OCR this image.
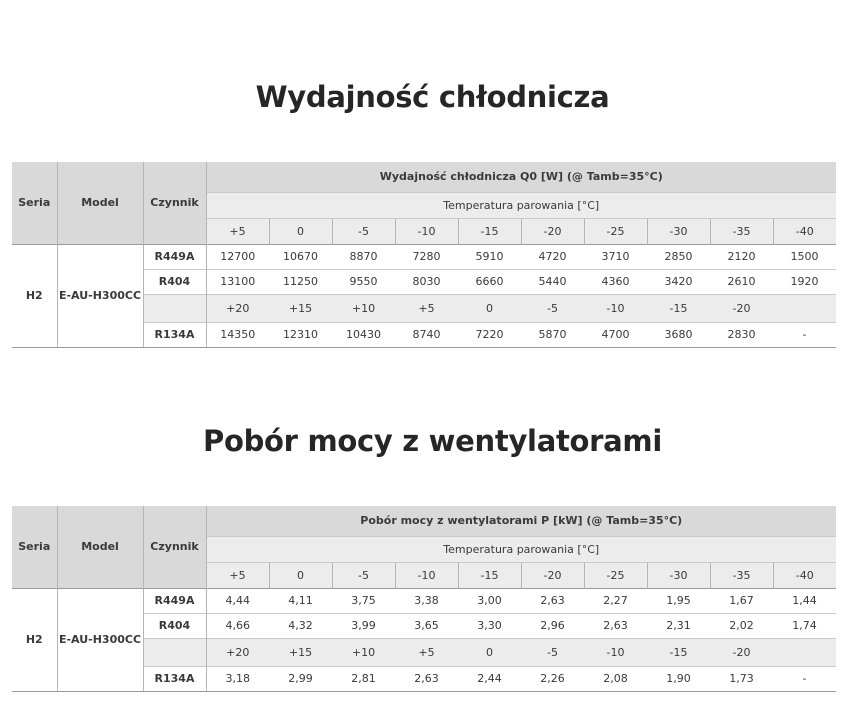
Wydajność chłodnicza
Seria	Model	Czynnik	Wydajność chłodnicza Q0 [W] (@ Tamb=35°C)									
			Temperatura parowania [°C]									
			+5	0	-5	-10	-15	-20	-25	-30	-35	-40
H2	E-AU-H300CC	R449A	12700	10670	8870	7280	5910	4720	3710	2850	2120	1500
		R404	13100	11250	9550	8030	6660	5440	4360	3420	2610	1920
			+20	+15	+10	+5	0	-5	-10	-15	-20	
		R134A	14350	12310	10430	8740	7220	5870	4700	3680	2830	-
Pobór mocy z wentylatorami
Seria	Model	Czynnik	Pobór mocy z wentylatorami P [kW] (@ Tamb=35°C)									
			Temperatura parowania [°C]									
			+5	0	-5	-10	-15	-20	-25	-30	-35	-40
H2	E-AU-H300CC	R449A	4,44	4,11	3,75	3,38	3,00	2,63	2,27	1,95	1,67	1,44
		R404	4,66	4,32	3,99	3,65	3,30	2,96	2,63	2,31	2,02	1,74
			+20	+15	+10	+5	0	-5	-10	-15	-20	
		R134A	3,18	2,99	2,81	2,63	2,44	2,26	2,08	1,90	1,73	-
